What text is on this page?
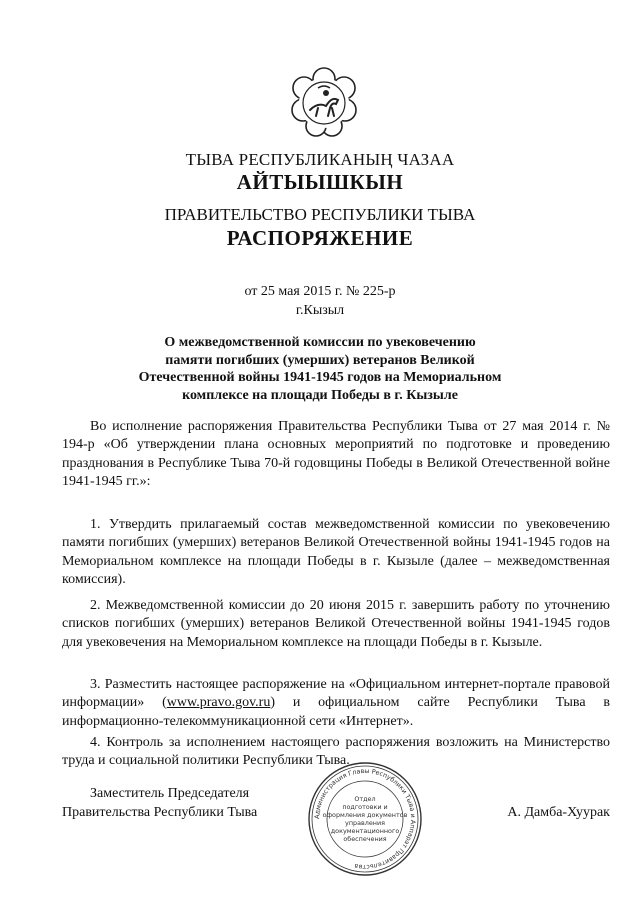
ТЫВА РЕСПУБЛИКАНЫҢ ЧАЗАА
АЙТЫЫШКЫН
ПРАВИТЕЛЬСТВО РЕСПУБЛИКИ ТЫВА
РАСПОРЯЖЕНИЕ
от 25 мая 2015 г. № 225-р
г.Кызыл
О межведомственной комиссии по увековечению
памяти погибших (умерших) ветеранов Великой
Отечественной войны 1941-1945 годов на Мемориальном
комплексе на площади Победы в г. Кызыле

Во исполнение распоряжения Правительства Республики Тыва от 27 мая 2014 г. № 194-р «Об утверждении плана основных мероприятий по подготовке и проведению празднования в Республике Тыва 70-й годовщины Победы в Великой Отечественной войне 1941-1945 гг.»:

1. Утвердить прилагаемый состав межведомственной комиссии по увековечению памяти погибших (умерших) ветеранов Великой Отечественной войны 1941-1945 годов на Мемориальном комплексе на площади Победы в г. Кызыле (далее – межведомственная комиссия).

2. Межведомственной комиссии до 20 июня 2015 г. завершить работу по уточнению списков погибших (умерших) ветеранов Великой Отечественной войны 1941-1945 годов для увековечения на Мемориальном комплексе на площади Победы в г. Кызыле.

3. Разместить настоящее распоряжение на «Официальном интернет-портале правовой информации» (www.pravo.gov.ru) и официальном сайте Республики Тыва в информационно-телекоммуникационной сети «Интернет».

4. Контроль за исполнением настоящего распоряжения возложить на Министерство труда и социальной политики Республики Тыва.

Заместитель Председателя
Правительства Республики Тыва	А. Дамба-Хуурак
Администрация Главы Республики Тыва и Аппарат Правительства
Отдел
подготовки и
оформления документов
управления
документационного
обеспечения
